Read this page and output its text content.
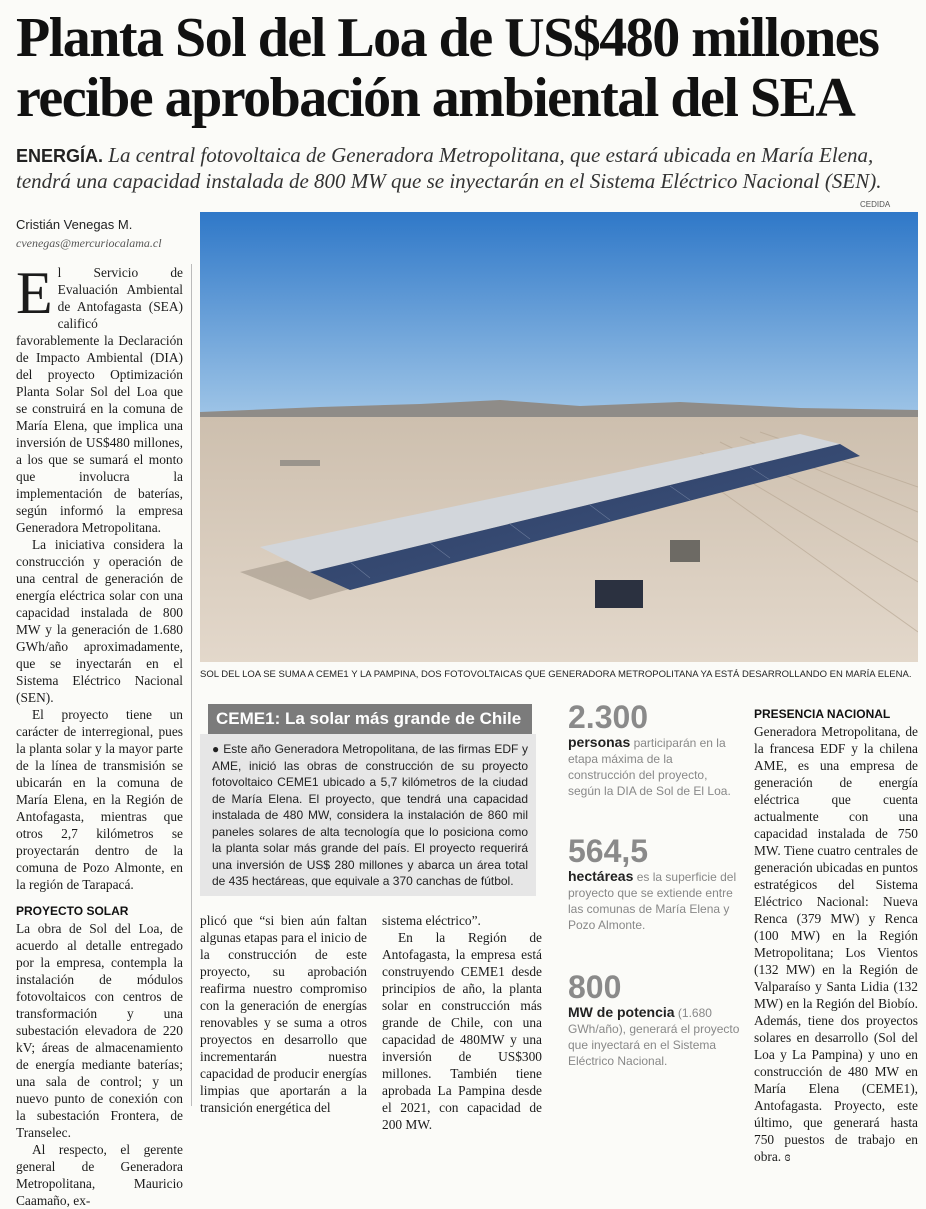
Planta Sol del Loa de US$480 millones
recibe aprobación ambiental del SEA
ENERGÍA. La central fotovoltaica de Generadora Metropolitana, que estará ubicada en María Elena, tendrá una capacidad instalada de 800 MW que se inyectarán en el Sistema Eléctrico Nacional (SEN).
Cristián Venegas M.
cvenegas@mercuriocalama.cl
CEDIDA
SOL DEL LOA SE SUMA A CEME1 Y LA PAMPINA, DOS FOTOVOLTAICAS QUE GENERADORA METROPOLITANA YA ESTÁ DESARROLLANDO EN MARÍA ELENA.
E l Servicio de Evaluación Ambiental de Antofagasta (SEA) calificó favorablemente la Declaración de Impacto Ambiental (DIA) del proyecto Optimización Planta Solar Sol del Loa que se construirá en la comuna de María Elena, que implica una inversión de US$480 millones, a los que se sumará el monto que involucra la implementación de baterías, según informó la empresa Generadora Metropolitana.

La iniciativa considera la construcción y operación de una central de generación de energía eléctrica solar con una capacidad instalada de 800 MW y la generación de 1.680 GWh/año aproximadamente, que se inyectarán en el Sistema Eléctrico Nacional (SEN).

El proyecto tiene un carácter de interregional, pues la planta solar y la mayor parte de la línea de transmisión se ubicarán en la comuna de María Elena, en la Región de Antofagasta, mientras que otros 2,7 kilómetros se proyectarán dentro de la comuna de Pozo Almonte, en la región de Tarapacá.

PROYECTO SOLAR

La obra de Sol del Loa, de acuerdo al detalle entregado por la empresa, contempla la instalación de módulos fotovoltaicos con centros de transformación y una subestación elevadora de 220 kV; áreas de almacenamiento de energía mediante baterías; una sala de control; y un nuevo punto de conexión con la subestación Frontera, de Transelec.

Al respecto, el gerente general de Generadora Metropolitana, Mauricio Caamaño, ex-

CEME1: La solar más grande de Chile
● Este año Generadora Metropolitana, de las firmas EDF y AME, inició las obras de construcción de su proyecto fotovoltaico CEME1 ubicado a 5,7 kilómetros de la ciudad de María Elena. El proyecto, que tendrá una capacidad instalada de 480 MW, considera la instalación de 860 mil paneles solares de alta tecnología que lo posiciona como la planta solar más grande del país. El proyecto requerirá una inversión de US$ 280 millones y abarca un área total de 435 hectáreas, que equivale a 370 canchas de fútbol.

plicó que “si bien aún faltan algunas etapas para el inicio de la construcción de este proyecto, su aprobación reafirma nuestro compromiso con la generación de energías renovables y se suma a otros proyectos en desarrollo que incrementarán nuestra capacidad de producir energías limpias que aportarán a la transición energética del

sistema eléctrico”.

En la Región de Antofagasta, la empresa está construyendo CEME1 desde principios de año, la planta solar en construcción más grande de Chile, con una capacidad de 480MW y una inversión de US$300 millones. También tiene aprobada La Pampina desde el 2021, con capacidad de 200 MW.

2.300
personas participarán en la etapa máxima de la construcción del proyecto, según la DIA de Sol de El Loa.
564,5
hectáreas es la superficie del proyecto que se extiende entre las comunas de María Elena y Pozo Almonte.
800
MW de potencia (1.680 GWh/año), generará el proyecto que inyectará en el Sistema Eléctrico Nacional.

PRESENCIA NACIONAL

Generadora Metropolitana, de la francesa EDF y la chilena AME, es una empresa de generación de energía eléctrica que cuenta actualmente con una capacidad instalada de 750 MW. Tiene cuatro centrales de generación ubicadas en puntos estratégicos del Sistema Eléctrico Nacional: Nueva Renca (379 MW) y Renca (100 MW) en la Región Metropolitana; Los Vientos (132 MW) en la Región de Valparaíso y Santa Lidia (132 MW) en la Región del Biobío. Además, tiene dos proyectos solares en desarrollo (Sol del Loa y La Pampina) y uno en construcción de 480 MW en María Elena (CEME1), Antofagasta. Proyecto, este último, que generará hasta 750 puestos de trabajo en obra. ɞ
